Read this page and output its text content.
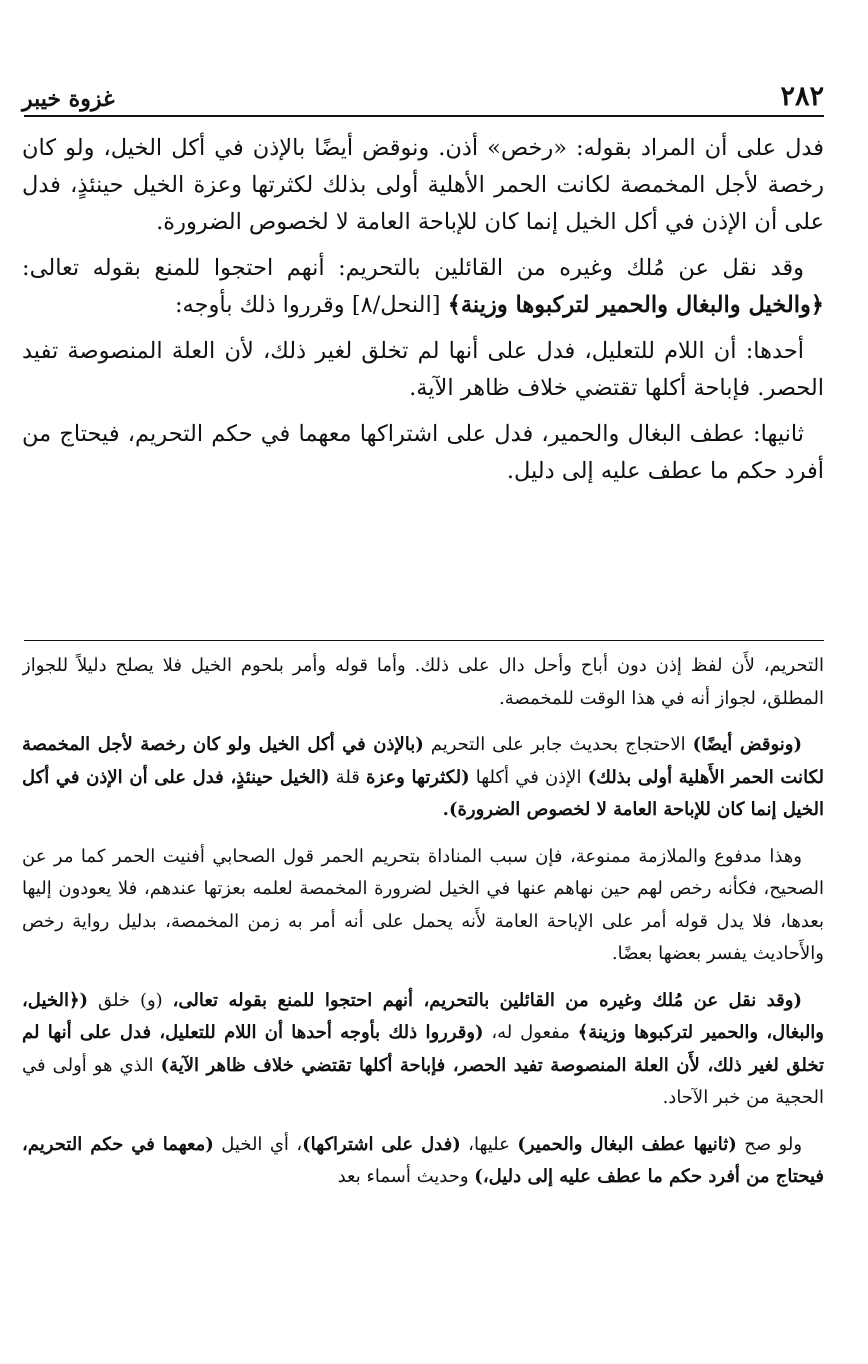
٢٨٢
غزوة خيبر

فدل على أن المراد بقوله: «رخص» أذن. ونوقض أيضًا بالإذن في أكل الخيل، ولو كان رخصة لأجل المخمصة لكانت الحمر الأهلية أولى بذلك لكثرتها وعزة الخيل حينئذٍ، فدل على أن الإذن في أكل الخيل إنما كان للإباحة العامة لا لخصوص الضرورة.

وقد نقل عن مُلك وغيره من القائلين بالتحريم: أنهم احتجوا للمنع بقوله تعالى: ﴿والخيل والبغال والحمير لتركبوها وزينة﴾ [النحل/٨] وقرروا ذلك بأوجه:

أحدها: أن اللام للتعليل، فدل على أنها لم تخلق لغير ذلك، لأن العلة المنصوصة تفيد الحصر. فإباحة أكلها تقتضي خلاف ظاهر الآية.

ثانيها: عطف البغال والحمير، فدل على اشتراكها معهما في حكم التحريم، فيحتاج من أفرد حكم ما عطف عليه إلى دليل.

التحريم، لأَن لفظ إذن دون أباح وأحل دال على ذلك. وأما قوله وأمر بلحوم الخيل فلا يصلح دليلاً للجواز المطلق، لجواز أنه في هذا الوقت للمخمصة.

(ونوقض أيضًا) الاحتجاج بحديث جابر على التحريم (بالإذن في أكل الخيل ولو كان رخصة لأجل المخمصة لكانت الحمر الأَهلية أولى بذلك) الإذن في أكلها (لكثرتها وعزة قلة (الخيل حينئذٍ، فدل على أن الإذن في أكل الخيل إنما كان للإباحة العامة لا لخصوص الضرورة).

وهذا مدفوع والملازمة ممنوعة، فإن سبب المناداة بتحريم الحمر قول الصحابي أفنيت الحمر كما مر عن الصحيح، فكأنه رخص لهم حين نهاهم عنها في الخيل لضرورة المخمصة لعلمه بعزتها عندهم، فلا يعودون إليها بعدها، فلا يدل قوله أمر على الإباحة العامة لأَنه يحمل على أنه أمر به زمن المخمصة، بدليل رواية رخص والأَحاديث يفسر بعضها بعضًا.

(وقد نقل عن مُلك وغيره من القائلين بالتحريم، أنهم احتجوا للمنع بقوله تعالى، (و) خلق (﴿الخيل، والبغال، والحمير لتركبوها وزينة﴾ مفعول له، (وقرروا ذلك بأوجه أحدها أن اللام للتعليل، فدل على أنها لم تخلق لغير ذلك، لأَن العلة المنصوصة تفيد الحصر، فإباحة أكلها تقتضي خلاف ظاهر الآية) الذي هو أولى في الحجية من خبر الآحاد.

ولو صح (ثانيها عطف البغال والحمير) عليها، (فدل على اشتراكها)، أي الخيل (معهما في حكم التحريم، فيحتاج من أفرد حكم ما عطف عليه إلى دليل،) وحديث أسماء بعد
